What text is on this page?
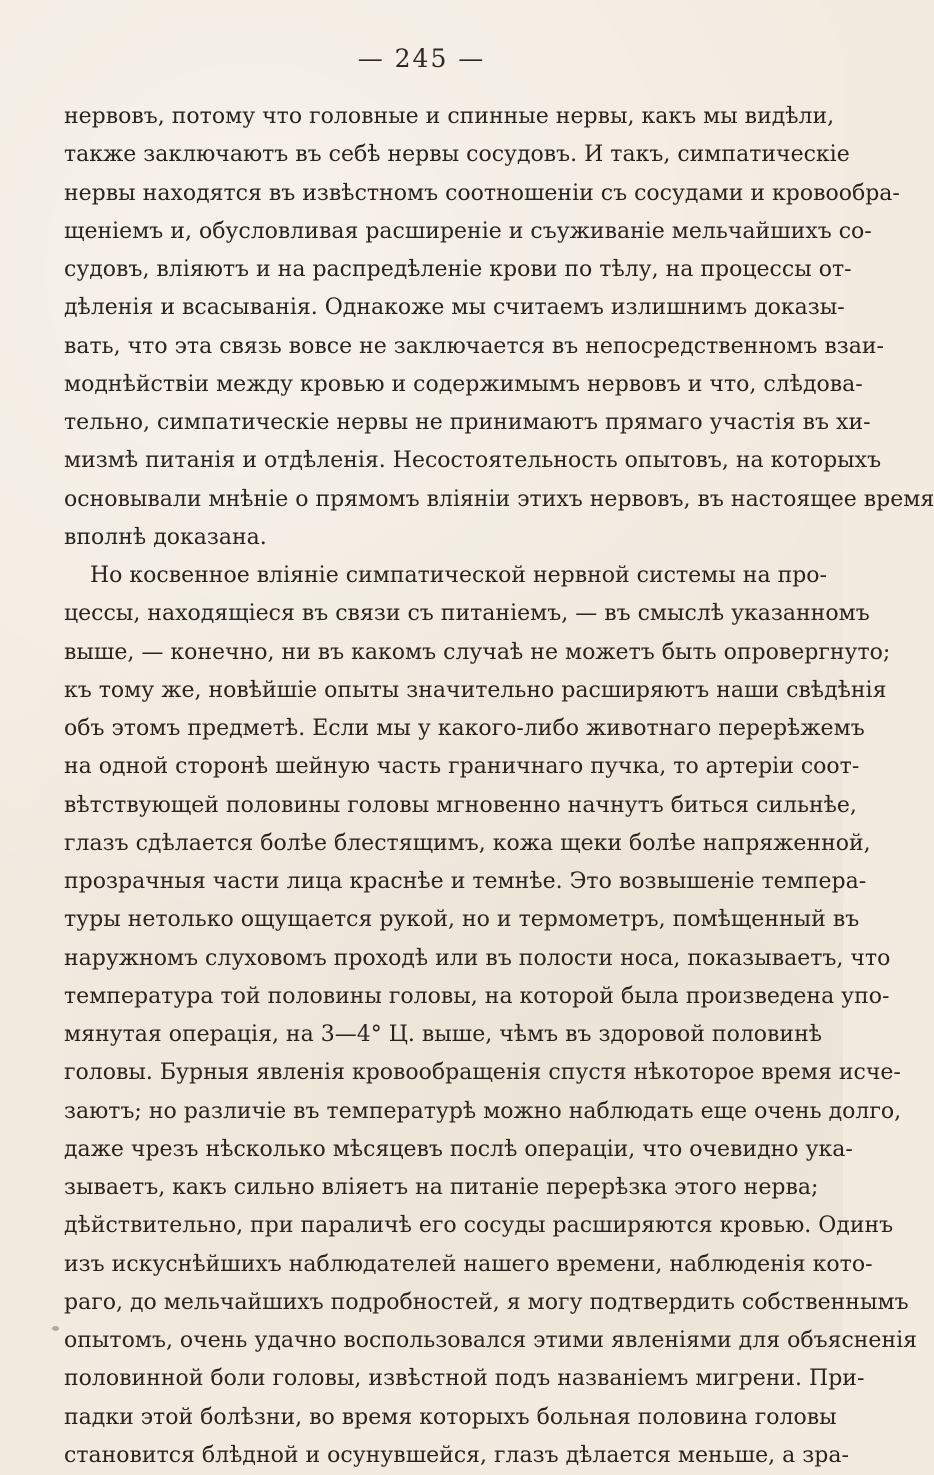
— 245 —
нервовъ, потому что головные и спинные нервы, какъ мы видѣли,
также заключаютъ въ себѣ нервы сосудовъ. И такъ, симпатическіе
нервы находятся въ извѣстномъ соотношеніи съ сосудами и кровообра-
щеніемъ и, обусловливая расширеніе и съуживаніе мельчайшихъ со-
судовъ, вліяютъ и на распредѣленіе крови по тѣлу, на процессы от-
дѣленія и всасыванія. Однакоже мы считаемъ излишнимъ доказы-
вать, что эта связь вовсе не заключается въ непосредственномъ взаи-
моднѣйствіи между кровью и содержимымъ нервовъ и что, слѣдова-
тельно, симпатическіе нервы не принимаютъ прямаго участія въ хи-
мизмѣ питанія и отдѣленія. Несостоятельность опытовъ, на которыхъ
основывали мнѣніе о прямомъ вліяніи этихъ нервовъ, въ настоящее время
вполнѣ доказана.
Но косвенное вліяніе симпатической нервной системы на про-
цессы, находящіеся въ связи съ питаніемъ, — въ смыслѣ указанномъ
выше, — конечно, ни въ какомъ случаѣ не можетъ быть опровергнуто;
къ тому же, новѣйшіе опыты значительно расширяютъ наши свѣдѣнія
объ этомъ предметѣ. Если мы у какого-либо животнаго перерѣжемъ
на одной сторонѣ шейную часть граничнаго пучка, то артеріи соот-
вѣтствующей половины головы мгновенно начнутъ биться сильнѣе,
глазъ сдѣлается болѣе блестящимъ, кожа щеки болѣе напряженной,
прозрачныя части лица краснѣе и темнѣе. Это возвышеніе темпера-
туры нетолько ощущается рукой, но и термометръ, помѣщенный въ
наружномъ слуховомъ проходѣ или въ полости носа, показываетъ, что
температура той половины головы, на которой была произведена упо-
мянутая операція, на 3—4° Ц. выше, чѣмъ въ здоровой половинѣ
головы. Бурныя явленія кровообращенія спустя нѣкоторое время исче-
заютъ; но различіе въ температурѣ можно наблюдать еще очень долго,
даже чрезъ нѣсколько мѣсяцевъ послѣ операціи, что очевидно ука-
зываетъ, какъ сильно вліяетъ на питаніе перерѣзка этого нерва;
дѣйствительно, при параличѣ его сосуды расширяются кровью. Одинъ
изъ искуснѣйшихъ наблюдателей нашего времени, наблюденія кото-
раго, до мельчайшихъ подробностей, я могу подтвердить собственнымъ
опытомъ, очень удачно воспользовался этими явленіями для объясненія
половинной боли головы, извѣстной подъ названіемъ мигрени. При-
падки этой болѣзни, во время которыхъ больная половина головы
становится блѣдной и осунувшейся, глазъ дѣлается меньше, а зра-
